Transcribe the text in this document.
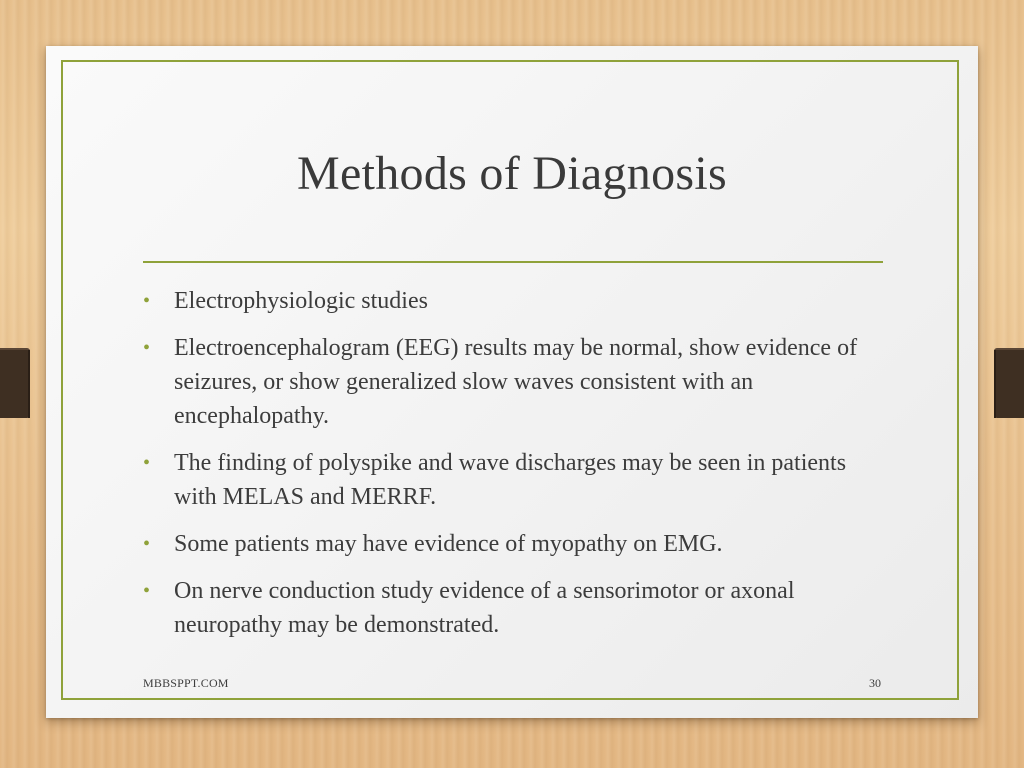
Methods of Diagnosis
• Electrophysiologic studies
• Electroencephalogram (EEG) results may be normal, show evidence of seizures, or show generalized slow waves consistent with an encephalopathy.
• The finding of polyspike and wave discharges may be seen in patients with MELAS and MERRF.
• Some patients may have evidence of myopathy on EMG.
• On nerve conduction study evidence of a sensorimotor or axonal neuropathy may be demonstrated.
MBBSPPT.COM	30
